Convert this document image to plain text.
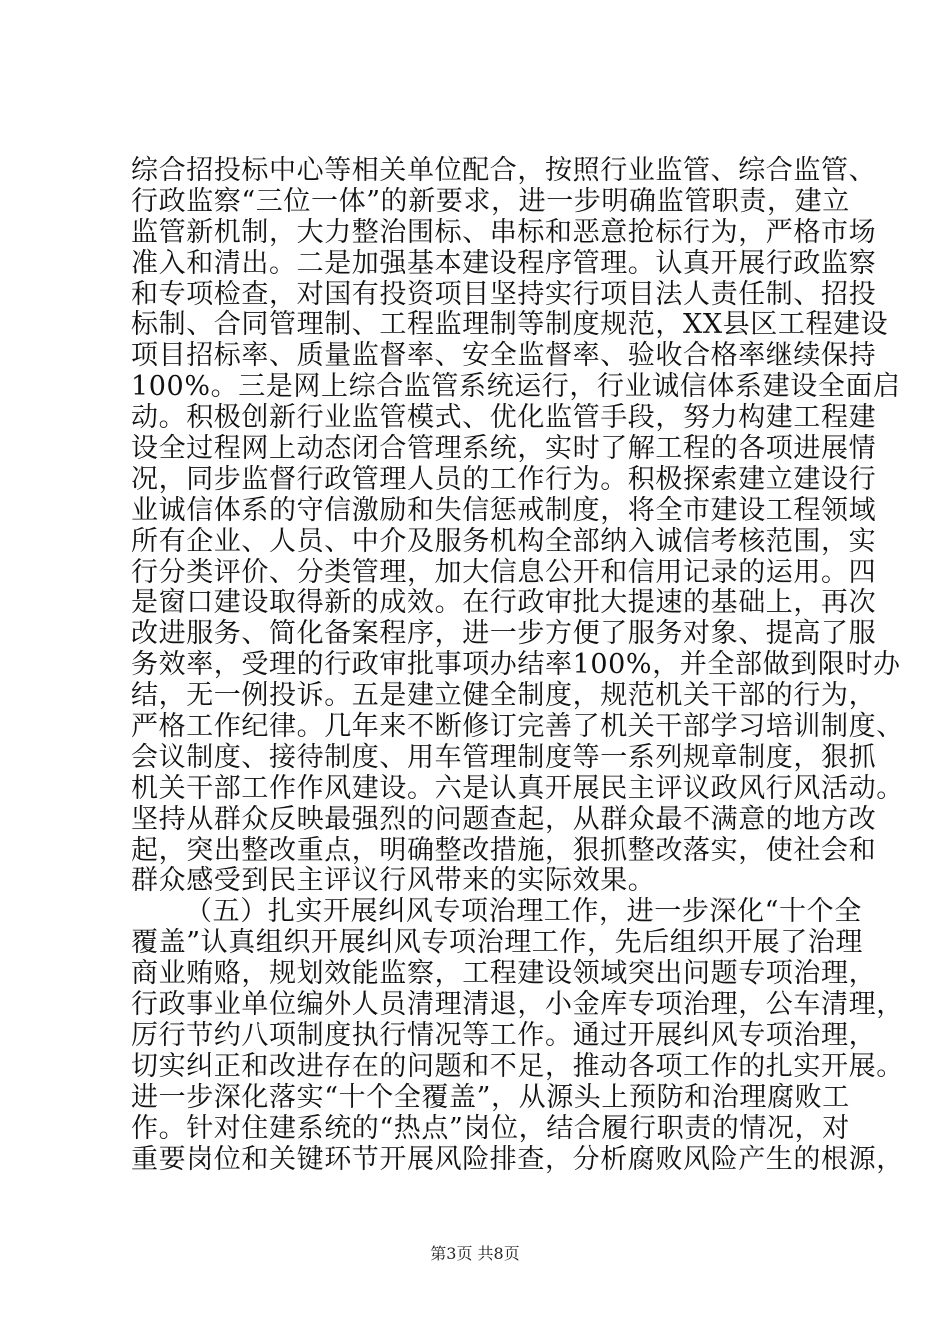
综合招投标中心等相关单位配合，按照行业监管、综合监管、
行政监察“三位一体”的新要求，进一步明确监管职责，建立
监管新机制，大力整治围标、串标和恶意抢标行为，严格市场
准入和清出。二是加强基本建设程序管理。认真开展行政监察
和专项检查，对国有投资项目坚持实行项目法人责任制、招投
标制、合同管理制、工程监理制等制度规范，XX县区工程建设
项目招标率、质量监督率、安全监督率、验收合格率继续保持
100%。三是网上综合监管系统运行，行业诚信体系建设全面启
动。积极创新行业监管模式、优化监管手段，努力构建工程建
设全过程网上动态闭合管理系统，实时了解工程的各项进展情
况，同步监督行政管理人员的工作行为。积极探索建立建设行
业诚信体系的守信激励和失信惩戒制度，将全市建设工程领域
所有企业、人员、中介及服务机构全部纳入诚信考核范围，实
行分类评价、分类管理，加大信息公开和信用记录的运用。四
是窗口建设取得新的成效。在行政审批大提速的基础上，再次
改进服务、简化备案程序，进一步方便了服务对象、提高了服
务效率，受理的行政审批事项办结率100%，并全部做到限时办
结，无一例投诉。五是建立健全制度，规范机关干部的行为，
严格工作纪律。几年来不断修订完善了机关干部学习培训制度、
会议制度、接待制度、用车管理制度等一系列规章制度，狠抓
机关干部工作作风建设。六是认真开展民主评议政风行风活动。
坚持从群众反映最强烈的问题查起，从群众最不满意的地方改
起，突出整改重点，明确整改措施，狠抓整改落实，使社会和
群众感受到民主评议行风带来的实际效果。
（五）扎实开展纠风专项治理工作，进一步深化“十个全
覆盖”认真组织开展纠风专项治理工作，先后组织开展了治理
商业贿赂，规划效能监察，工程建设领域突出问题专项治理，
行政事业单位编外人员清理清退，小金库专项治理，公车清理，
厉行节约八项制度执行情况等工作。通过开展纠风专项治理，
切实纠正和改进存在的问题和不足，推动各项工作的扎实开展。
进一步深化落实“十个全覆盖”，从源头上预防和治理腐败工
作。针对住建系统的“热点”岗位，结合履行职责的情况，对
重要岗位和关键环节开展风险排查，分析腐败风险产生的根源，
第3页 共8页
